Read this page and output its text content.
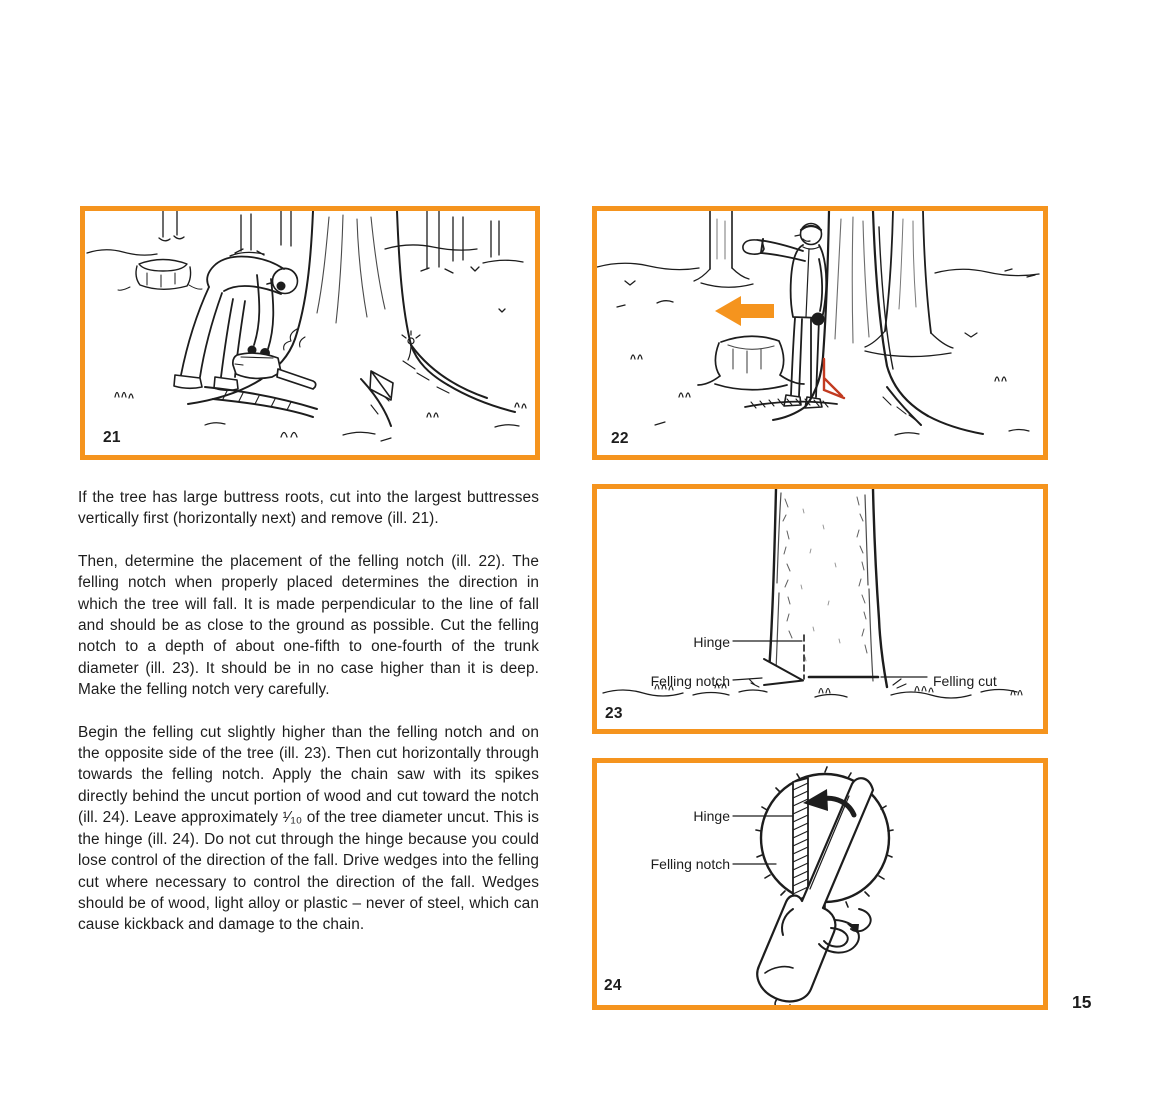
21	22
Hinge
Felling notch	Felling cut
23
Hinge
Felling notch
24

If the tree has large buttress roots, cut into the largest buttresses vertically first (horizontally next) and remove (ill. 21).

Then, determine the placement of the felling notch (ill. 22). The felling notch when properly placed determines the direction in which the tree will fall. It is made perpendicular to the line of fall and should be as close to the ground as possible. Cut the felling notch to a depth of about one-fifth to one-fourth of the trunk diameter (ill. 23). It should be in no case higher than it is deep. Make the felling notch very carefully.

Begin the felling cut slightly higher than the felling notch and on the opposite side of the tree (ill. 23). Then cut horizontally through towards the felling notch. Apply the chain saw with its spikes directly behind the uncut portion of wood and cut toward the notch (ill. 24). Leave approximately ¹⁄₁₀ of the tree diameter uncut. This is the hinge (ill. 24). Do not cut through the hinge because you could lose control of the direction of the fall. Drive wedges into the felling cut where necessary to control the direction of the fall. Wedges should be of wood, light alloy or plastic – never of steel, which can cause kickback and damage to the chain.

15
